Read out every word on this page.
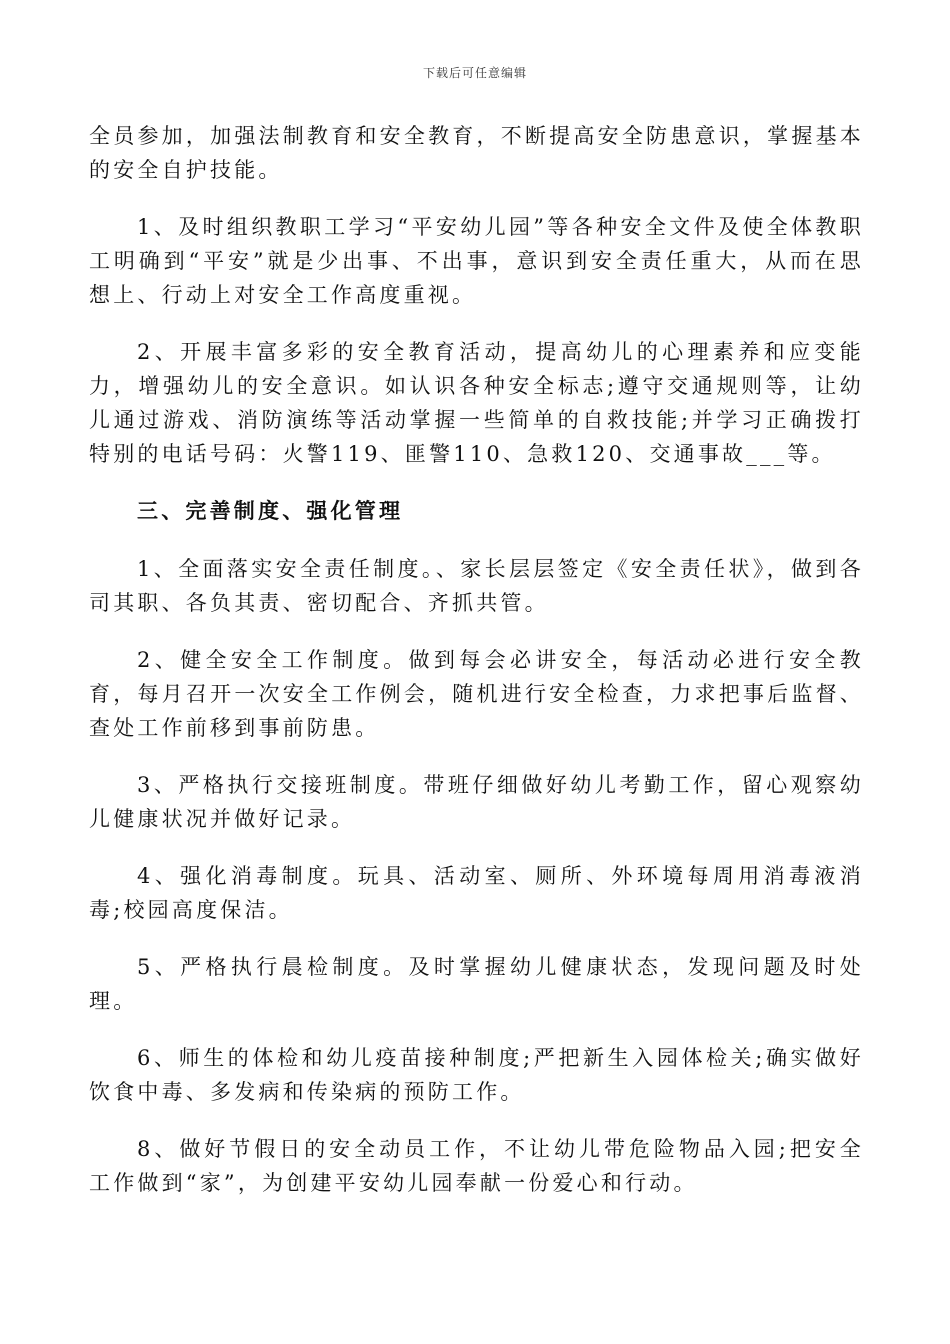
下载后可任意编辑

全员参加，加强法制教育和安全教育，不断提高安全防患意识，掌握基本的安全自护技能。

1、及时组织教职工学习“平安幼儿园”等各种安全文件及使全体教职工明确到“平安”就是少出事、不出事，意识到安全责任重大，从而在思想上、行动上对安全工作高度重视。

2、开展丰富多彩的安全教育活动，提高幼儿的心理素养和应变能力，增强幼儿的安全意识。如认识各种安全标志;遵守交通规则等，让幼儿通过游戏、消防演练等活动掌握一些简单的自救技能;并学习正确拨打特别的电话号码：火警119、匪警110、急救120、交通事故___等。

三、完善制度、强化管理

1、全面落实安全责任制度。、家长层层签定《安全责任状》，做到各司其职、各负其责、密切配合、齐抓共管。

2、健全安全工作制度。做到每会必讲安全，每活动必进行安全教育，每月召开一次安全工作例会，随机进行安全检查，力求把事后监督、查处工作前移到事前防患。

3、严格执行交接班制度。带班仔细做好幼儿考勤工作，留心观察幼儿健康状况并做好记录。

4、强化消毒制度。玩具、活动室、厕所、外环境每周用消毒液消毒;校园高度保洁。

5、严格执行晨检制度。及时掌握幼儿健康状态，发现问题及时处理。

6、师生的体检和幼儿疫苗接种制度;严把新生入园体检关;确实做好饮食中毒、多发病和传染病的预防工作。

8、做好节假日的安全动员工作，不让幼儿带危险物品入园;把安全工作做到“家”，为创建平安幼儿园奉献一份爱心和行动。
